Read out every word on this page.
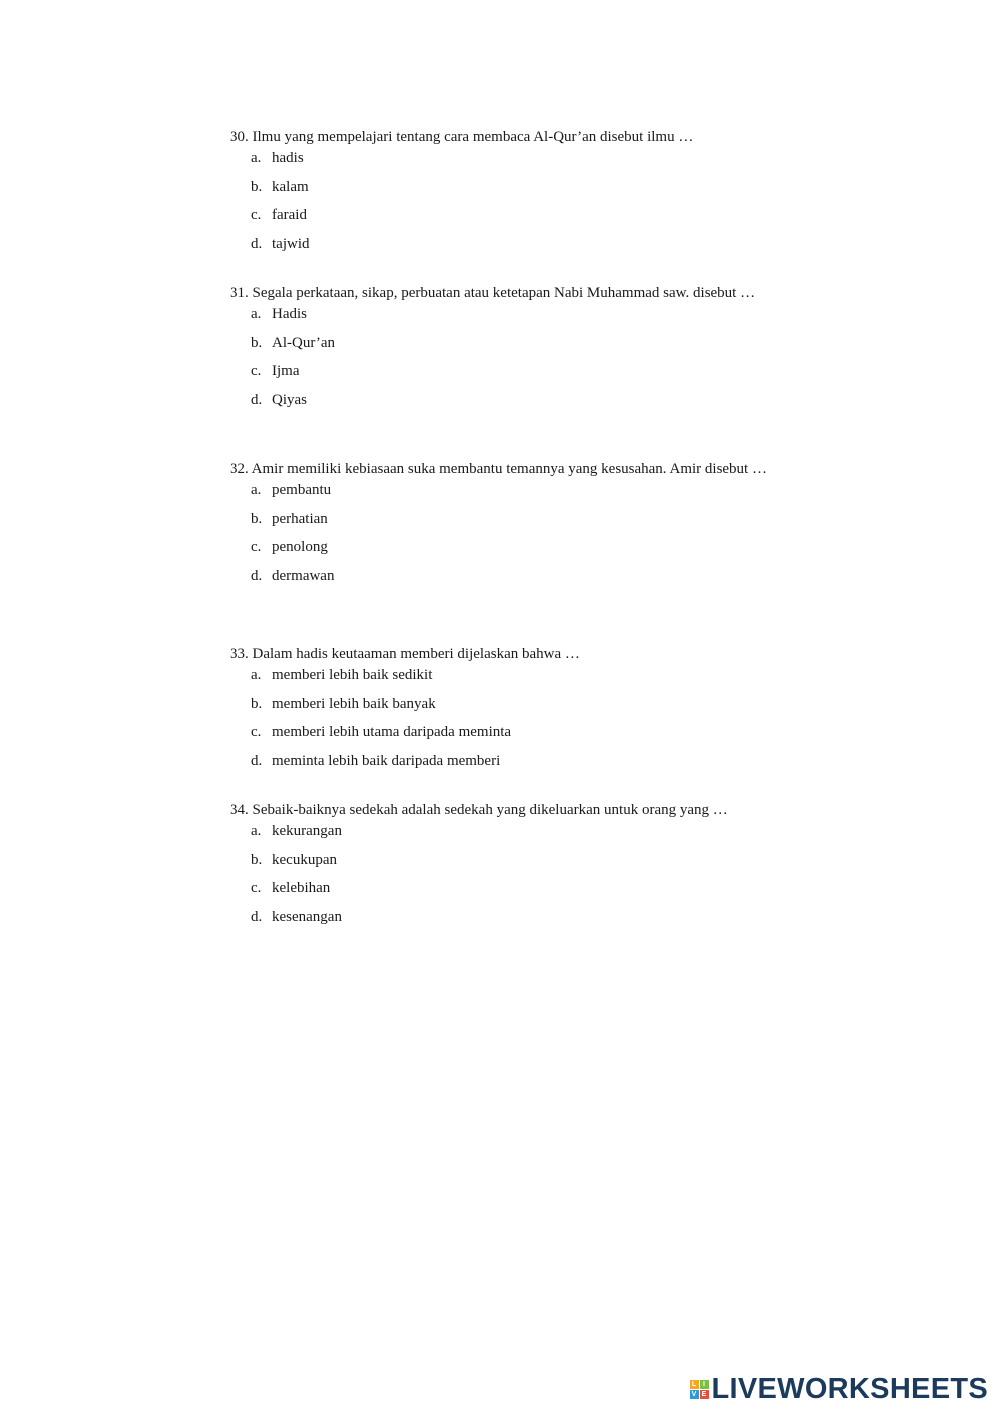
30. Ilmu yang mempelajari tentang cara membaca Al-Qur’an disebut ilmu …

a. hadis
b. kalam
c. faraid
d. tajwid

31. Segala perkataan, sikap, perbuatan atau ketetapan Nabi Muhammad saw. disebut …

a. Hadis
b. Al-Qur’an
c. Ijma
d. Qiyas

32. Amir memiliki kebiasaan suka membantu temannya yang kesusahan. Amir disebut …

a. pembantu
b. perhatian
c. penolong
d. dermawan

33. Dalam hadis keutaaman memberi dijelaskan bahwa …

a. memberi lebih baik sedikit
b. memberi lebih baik banyak
c. memberi lebih utama daripada meminta
d. meminta lebih baik daripada memberi

34. Sebaik-baiknya sedekah adalah sedekah yang dikeluarkan untuk orang yang …

a. kekurangan
b. kecukupan
c. kelebihan
d. kesenangan
L I
V E LIVEWORKSHEETS
